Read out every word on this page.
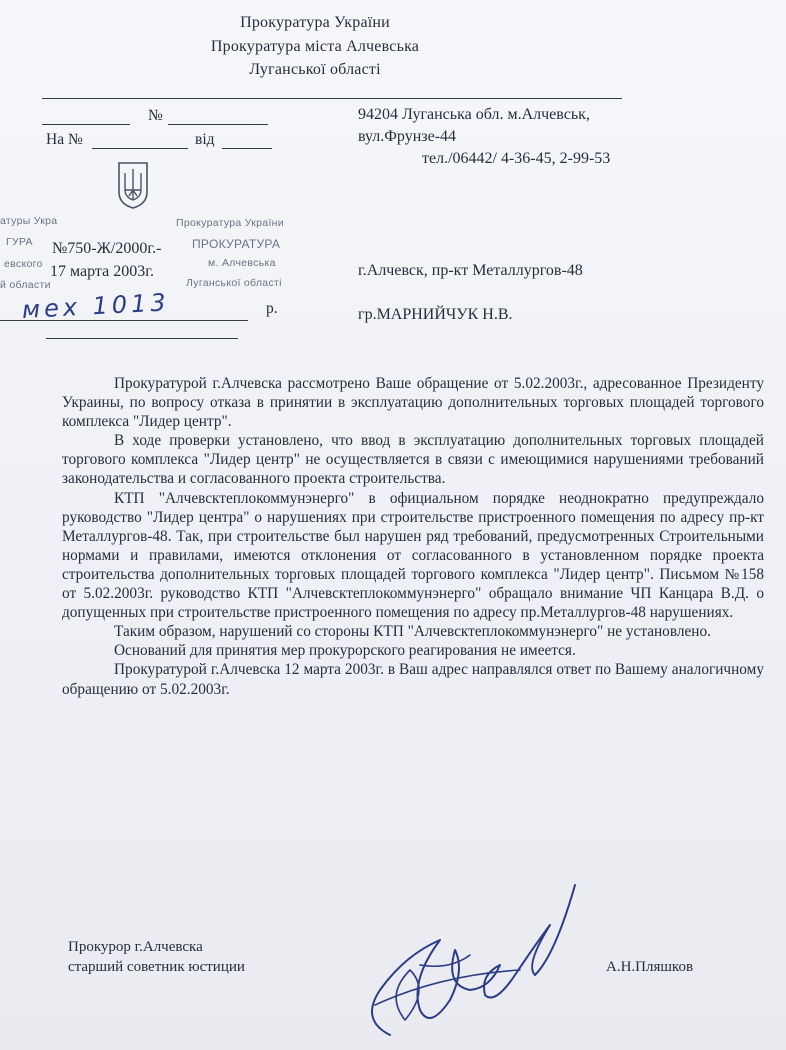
Прокуратура України
Прокуратура міста Алчевська
Луганської області
№
На №	від
94204 Луганська обл. м.Алчевськ,
вул.Фрунзе-44
тел./06442/ 4-36-45, 2-99-53
атуры Укра
ГУРА
евского
й области
№750-Ж/2000г.-
17 марта 2003г.
Прокуратура України
ПРОКУРАТУРА
м. Алчевська
Луганської області
мех 1013	р.
г.Алчевск, пр-кт Металлургов-48
гр.МАРНИЙЧУК Н.В.

Прокуратурой г.Алчевска рассмотрено Ваше обращение от 5.02.2003г., адресованное Президенту Украины, по вопросу отказа в принятии в эксплуатацию дополнительных торговых площадей торгового комплекса "Лидер центр".

В ходе проверки установлено, что ввод в эксплуатацию дополнительных торговых площадей торгового комплекса "Лидер центр" не осуществляется в связи с имеющимися нарушениями требований законодательства и согласованного проекта строительства.

КТП "Алчевсктеплокоммунэнерго" в официальном порядке неоднократно предупреждало руководство "Лидер центра" о нарушениях при строительстве пристроенного помещения по адресу пр-кт Металлургов-48. Так, при строительстве был нарушен ряд требований, предусмотренных Строительными нормами и правилами, имеются отклонения от согласованного в установленном порядке проекта строительства дополнительных торговых площадей торгового комплекса "Лидер центр". Письмом №158 от 5.02.2003г. руководство КТП "Алчевсктеплокоммунэнерго" обращало внимание ЧП Канцара В.Д. о допущенных при строительстве пристроенного помещения по адресу пр.Металлургов-48 нарушениях.

Таким образом, нарушений со стороны КТП "Алчевсктеплокоммунэнерго" не установлено.

Оснований для принятия мер прокурорского реагирования не имеется.

Прокуратурой г.Алчевска 12 марта 2003г. в Ваш адрес направлялся ответ по Вашему аналогичному обращению от 5.02.2003г.

Прокурор г.Алчевска
старший советник юстиции	А.Н.Пляшков
